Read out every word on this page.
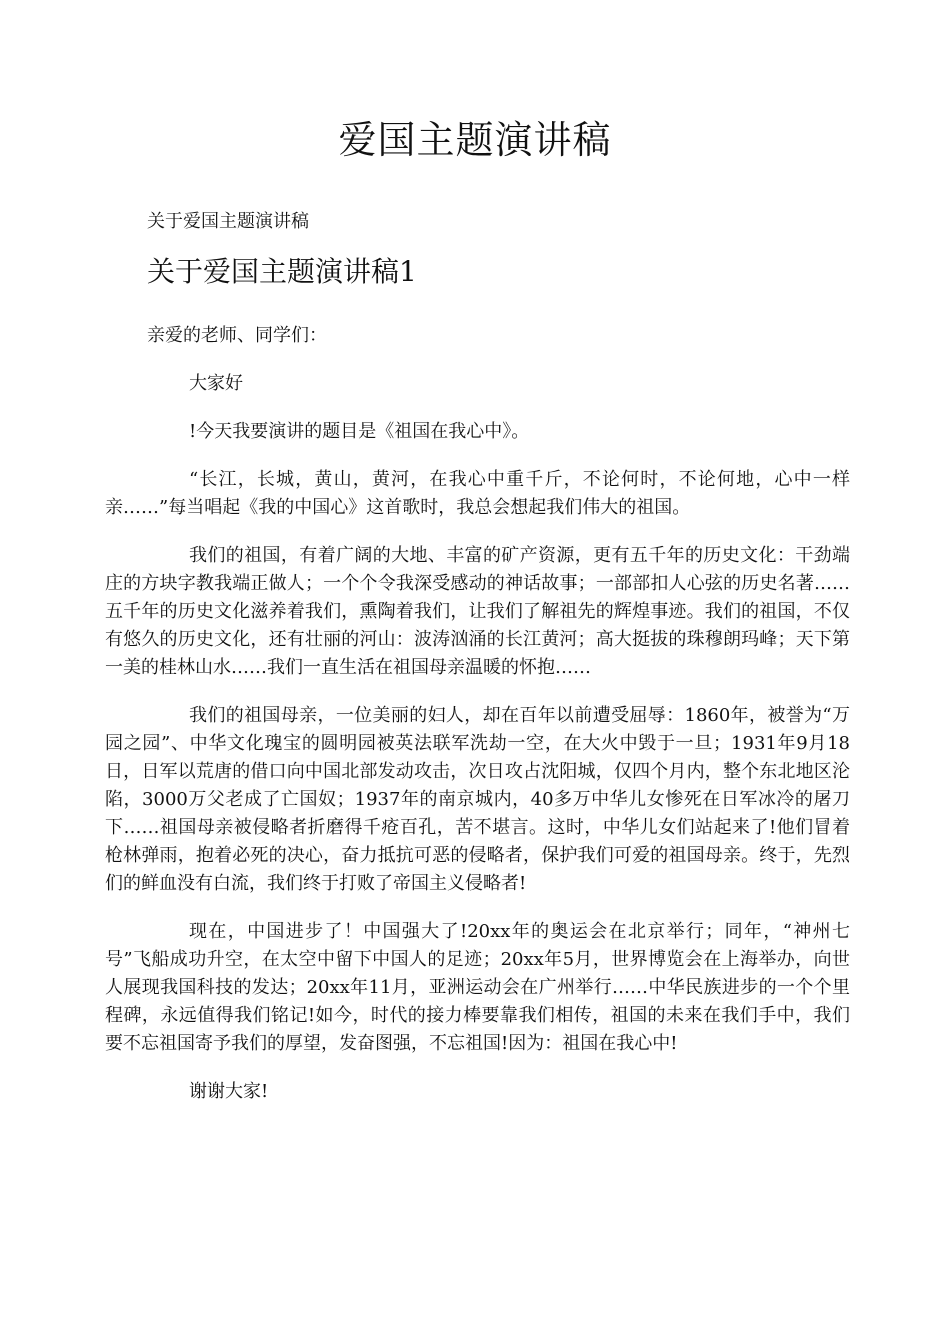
爱国主题演讲稿
关于爱国主题演讲稿
关于爱国主题演讲稿1

亲爱的老师、同学们：

大家好

!今天我要演讲的题目是《祖国在我心中》。

“长江，长城，黄山，黄河，在我心中重千斤，不论何时，不论何地，心中一样亲……”每当唱起《我的中国心》这首歌时，我总会想起我们伟大的祖国。

我们的祖国，有着广阔的大地、丰富的矿产资源，更有五千年的历史文化：干劲端庄的方块字教我端正做人；一个个令我深受感动的神话故事；一部部扣人心弦的历史名著……五千年的历史文化滋养着我们，熏陶着我们，让我们了解祖先的辉煌事迹。我们的祖国，不仅有悠久的历史文化，还有壮丽的河山：波涛汹涌的长江黄河；高大挺拔的珠穆朗玛峰；天下第一美的桂林山水……我们一直生活在祖国母亲温暖的怀抱……

我们的祖国母亲，一位美丽的妇人，却在百年以前遭受屈辱：1860年，被誉为“万园之园”、中华文化瑰宝的圆明园被英法联军洗劫一空，在大火中毁于一旦；1931年9月18日，日军以荒唐的借口向中国北部发动攻击，次日攻占沈阳城，仅四个月内，整个东北地区沦陷，3000万父老成了亡国奴；1937年的南京城内，40多万中华儿女惨死在日军冰冷的屠刀下……祖国母亲被侵略者折磨得千疮百孔，苦不堪言。这时，中华儿女们站起来了!他们冒着枪林弹雨，抱着必死的决心，奋力抵抗可恶的侵略者，保护我们可爱的祖国母亲。终于，先烈们的鲜血没有白流，我们终于打败了帝国主义侵略者!

现在，中国进步了！中国强大了!20xx年的奥运会在北京举行；同年，“神州七号”飞船成功升空，在太空中留下中国人的足迹；20xx年5月，世界博览会在上海举办，向世人展现我国科技的发达；20xx年11月，亚洲运动会在广州举行……中华民族进步的一个个里程碑，永远值得我们铭记!如今，时代的接力棒要靠我们相传，祖国的未来在我们手中，我们要不忘祖国寄予我们的厚望，发奋图强，不忘祖国!因为：祖国在我心中!

谢谢大家!
